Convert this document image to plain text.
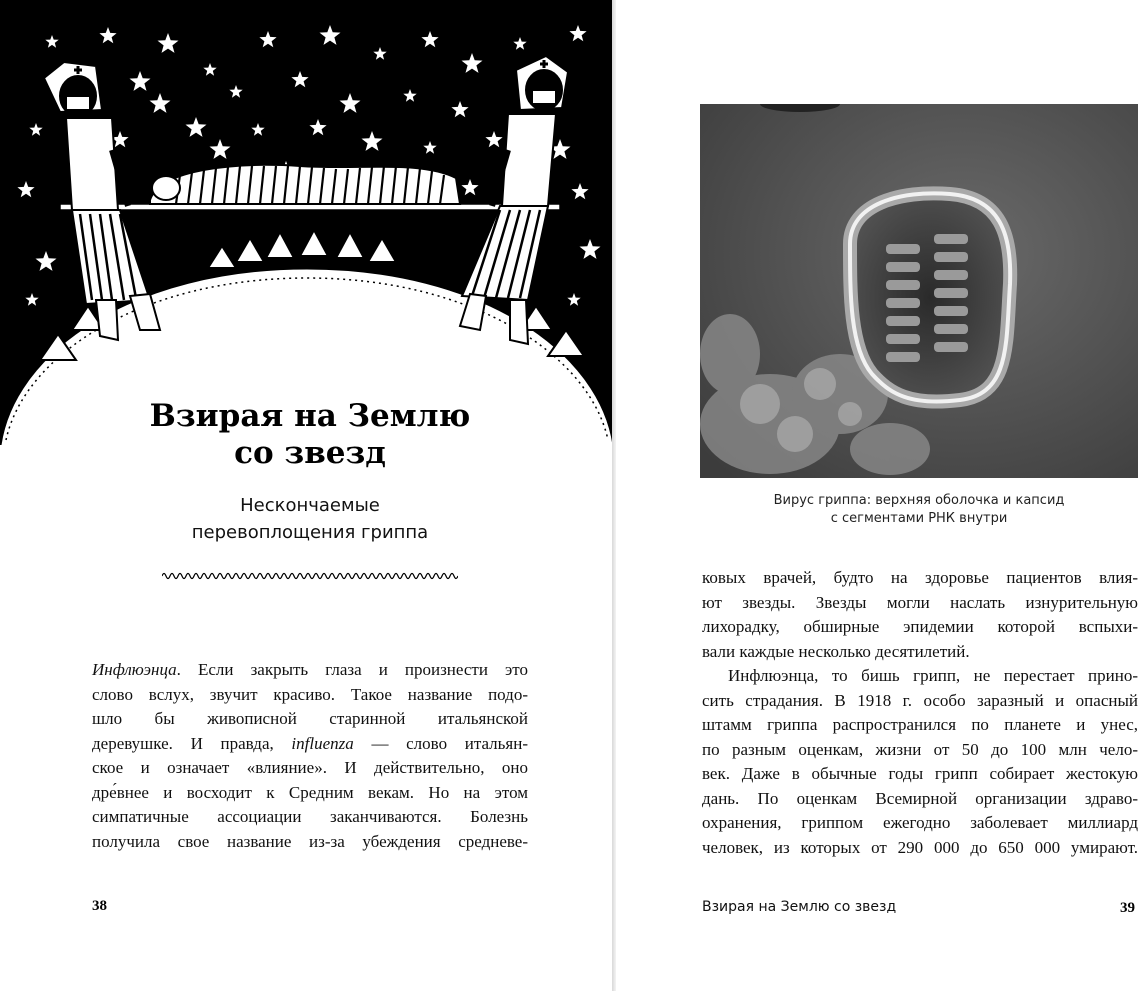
Взирая на Землю
со звезд

Нескончаемые
перевоплощения гриппа

Инфлюэнца. Если закрыть глаза и произнести это
слово вслух, звучит красиво. Такое название подо-
шло бы живописной старинной итальянской
деревушке. И правда, influenza — слово итальян-
ское и означает «влияние». И действительно, оно
дре́внее и восходит к Средним векам. Но на этом
симпатичные ассоциации заканчиваются. Болезнь
получила свое название из-за убеждения средневе-
38

Вирус гриппа: верхняя оболочка и капсид
с сегментами РНК внутри

ковых врачей, будто на здоровье пациентов влия-
ют звезды. Звезды могли наслать изнурительную
лихорадку, обширные эпидемии которой вспыхи-
вали каждые несколько десятилетий.
Инфлюэнца, то бишь грипп, не перестает прино-
сить страдания. В 1918 г. особо заразный и опасный
штамм гриппа распространился по планете и унес,
по разным оценкам, жизни от 50 до 100 млн чело-
век. Даже в обычные годы грипп собирает жестокую
дань. По оценкам Всемирной организации здраво-
охранения, гриппом ежегодно заболевает миллиард
человек, из которых от 290 000 до 650 000 умирают.
Взирая на Землю со звезд	39
